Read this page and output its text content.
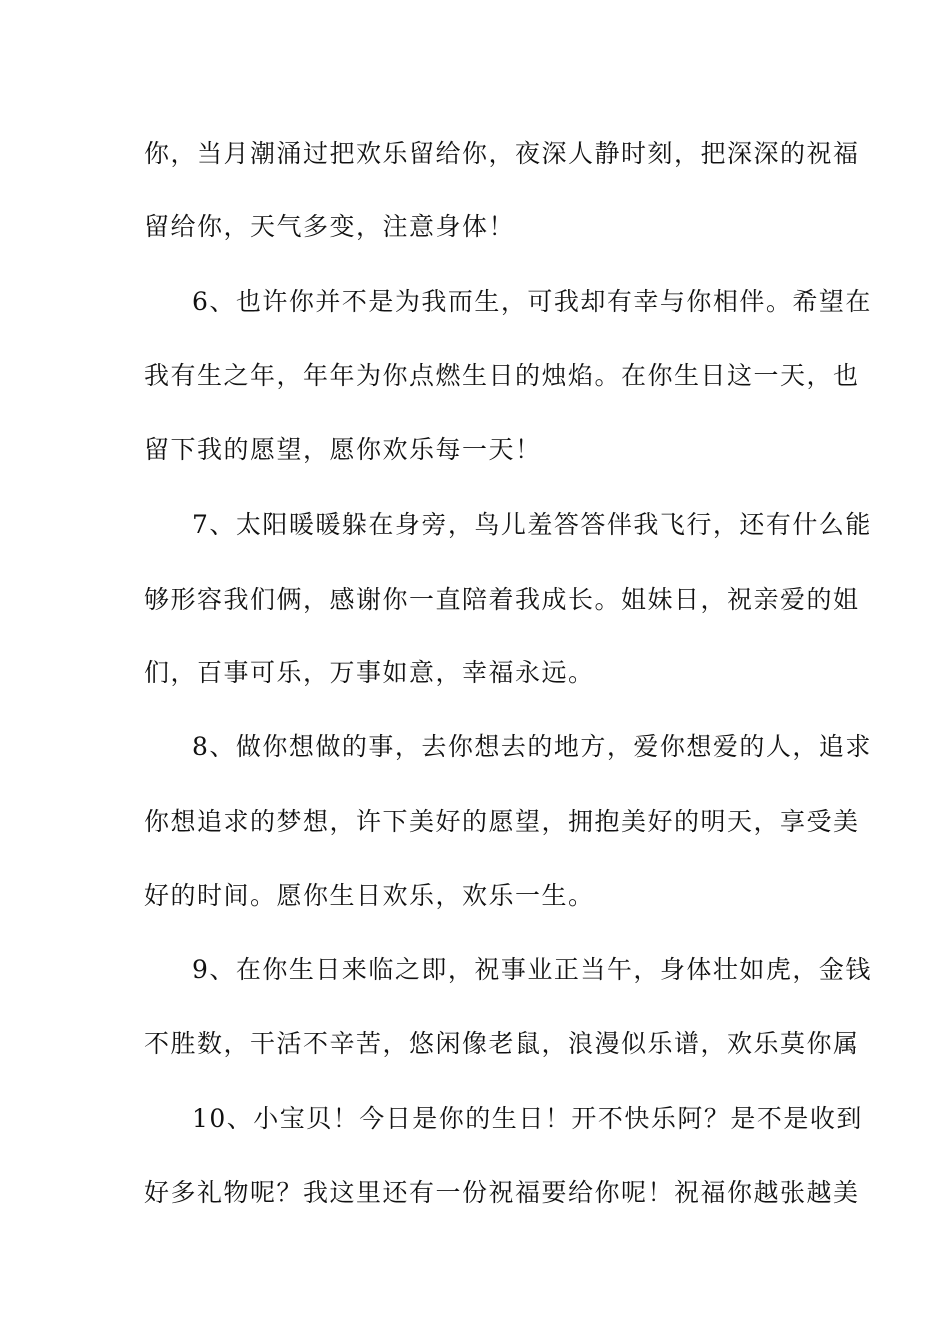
你，当月潮涌过把欢乐留给你，夜深人静时刻，把深深的祝福
留给你，天气多变，注意身体！
6、也许你并不是为我而生，可我却有幸与你相伴。希望在
我有生之年，年年为你点燃生日的烛焰。在你生日这一天，也
留下我的愿望，愿你欢乐每一天！
7、太阳暖暖躲在身旁，鸟儿羞答答伴我飞行，还有什么能
够形容我们俩，感谢你一直陪着我成长。姐妹日，祝亲爱的姐
们，百事可乐，万事如意，幸福永远。
8、做你想做的事，去你想去的地方，爱你想爱的人，追求
你想追求的梦想，许下美好的愿望，拥抱美好的明天，享受美
好的时间。愿你生日欢乐，欢乐一生。
9、在你生日来临之即，祝事业正当午，身体壮如虎，金钱
不胜数，干活不辛苦，悠闲像老鼠，浪漫似乐谱，欢乐莫你属
10、小宝贝！今日是你的生日！开不快乐阿？是不是收到
好多礼物呢？我这里还有一份祝福要给你呢！祝福你越张越美
